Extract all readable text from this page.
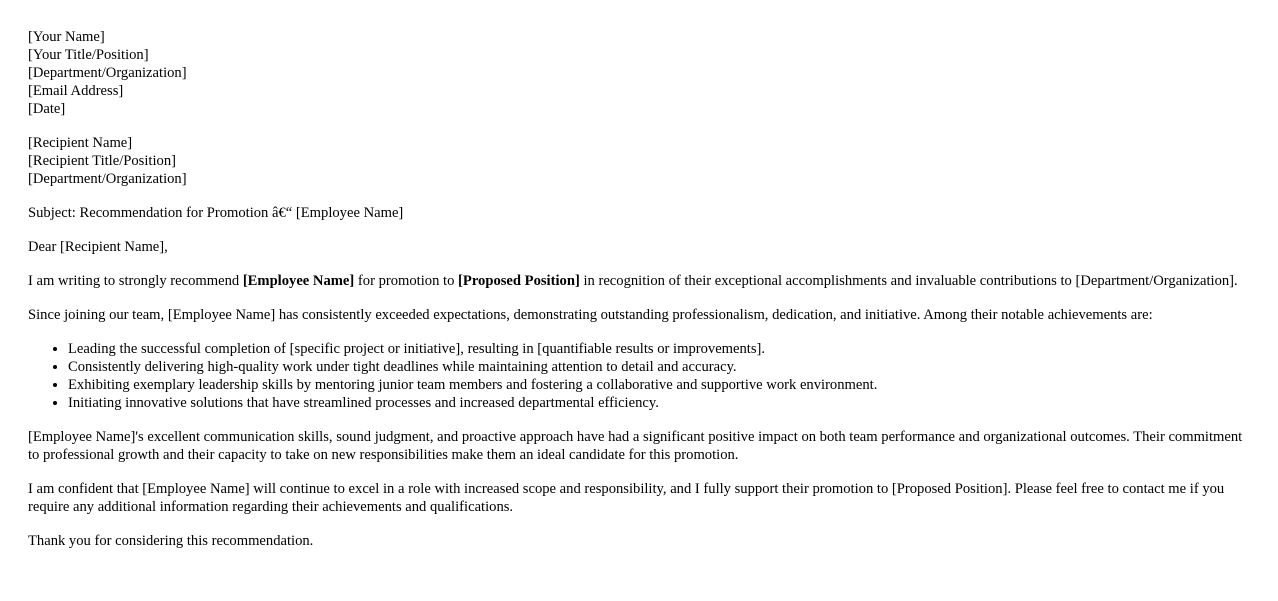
[Your Name]
[Your Title/Position]
[Department/Organization]
[Email Address]
[Date]
[Recipient Name]
[Recipient Title/Position]
[Department/Organization]

Subject: Recommendation for Promotion â€“ [Employee Name]

Dear [Recipient Name],

I am writing to strongly recommend [Employee Name] for promotion to [Proposed Position] in recognition of their exceptional accomplishments and invaluable contributions to [Department/Organization].

Since joining our team, [Employee Name] has consistently exceeded expectations, demonstrating outstanding professionalism, dedication, and initiative. Among their notable achievements are:

• Leading the successful completion of [specific project or initiative], resulting in [quantifiable results or improvements].
• Consistently delivering high-quality work under tight deadlines while maintaining attention to detail and accuracy.
• Exhibiting exemplary leadership skills by mentoring junior team members and fostering a collaborative and supportive work environment.
• Initiating innovative solutions that have streamlined processes and increased departmental efficiency.

[Employee Name]'s excellent communication skills, sound judgment, and proactive approach have had a significant positive impact on both team performance and organizational outcomes. Their commitment to professional growth and their capacity to take on new responsibilities make them an ideal candidate for this promotion.

I am confident that [Employee Name] will continue to excel in a role with increased scope and responsibility, and I fully support their promotion to [Proposed Position]. Please feel free to contact me if you require any additional information regarding their achievements and qualifications.

Thank you for considering this recommendation.
